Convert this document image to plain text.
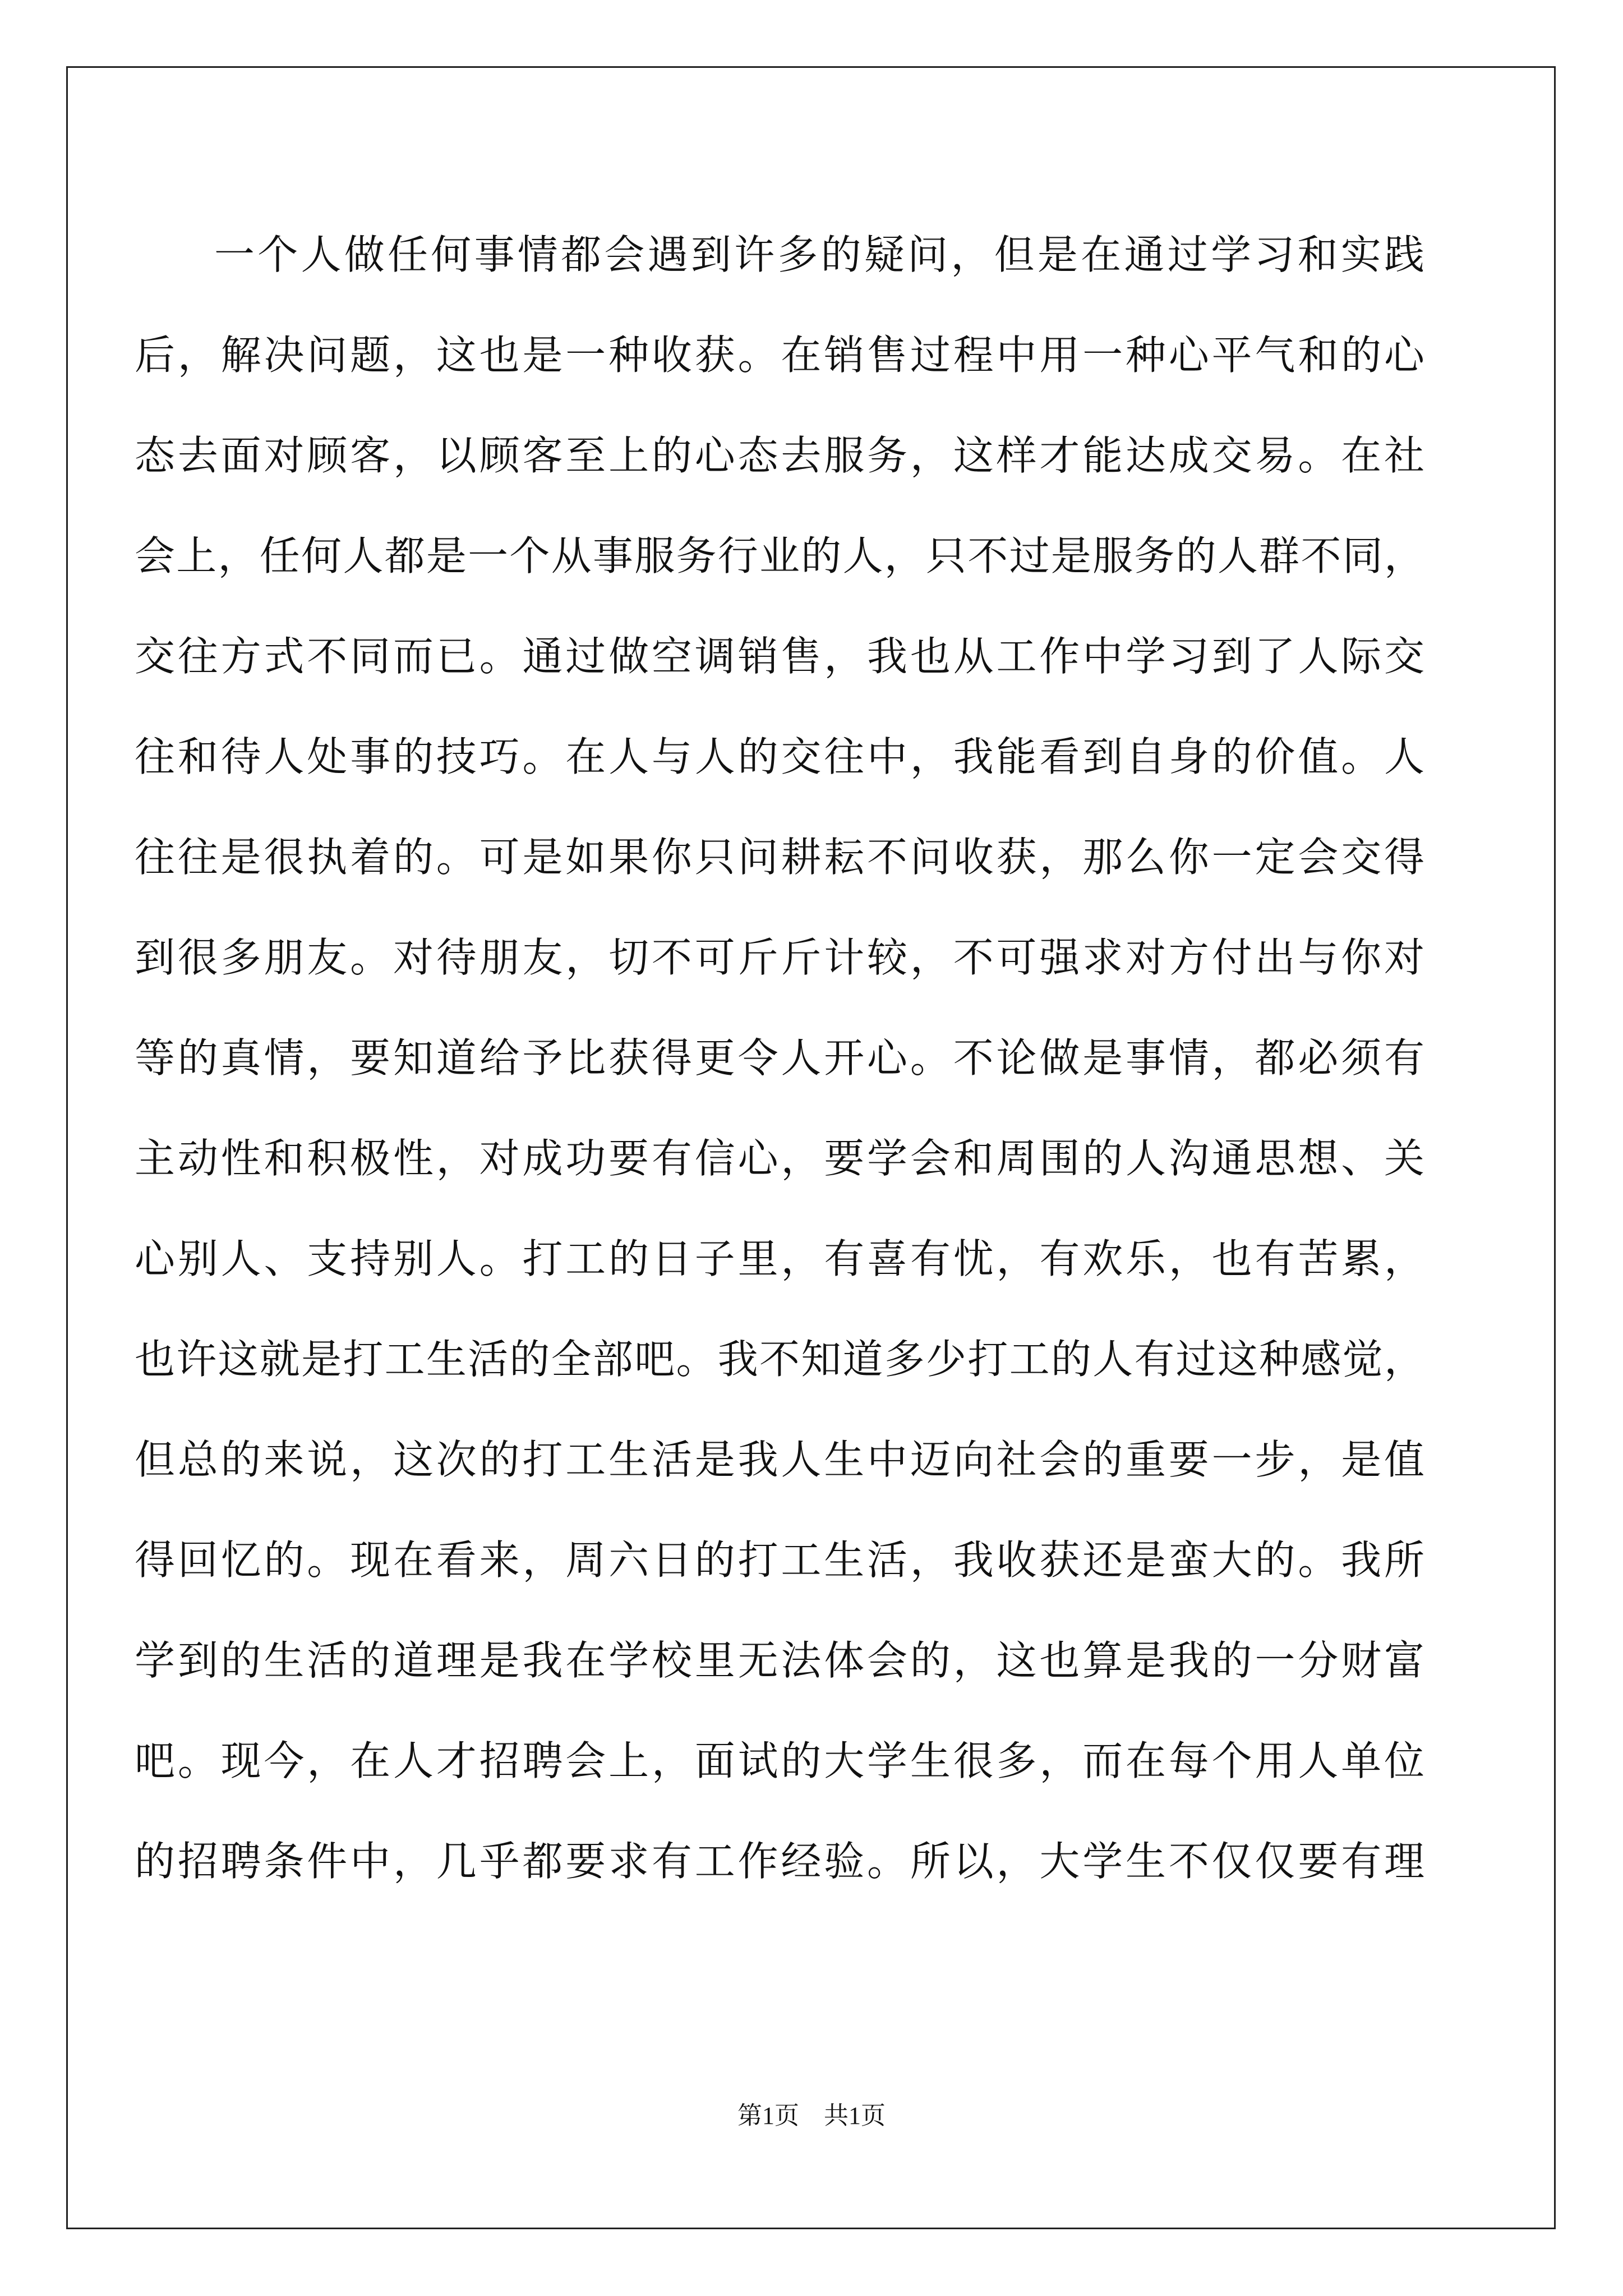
一个人做任何事情都会遇到许多的疑问，但是在通过学习和实践
后，解决问题，这也是一种收获。在销售过程中用一种心平气和的心
态去面对顾客，以顾客至上的心态去服务，这样才能达成交易。在社
会上，任何人都是一个从事服务行业的人，只不过是服务的人群不同，
交往方式不同而已。通过做空调销售，我也从工作中学习到了人际交
往和待人处事的技巧。在人与人的交往中，我能看到自身的价值。人
往往是很执着的。可是如果你只问耕耘不问收获，那么你一定会交得
到很多朋友。对待朋友，切不可斤斤计较，不可强求对方付出与你对
等的真情，要知道给予比获得更令人开心。不论做是事情，都必须有
主动性和积极性，对成功要有信心，要学会和周围的人沟通思想、关
心别人、支持别人。打工的日子里，有喜有忧，有欢乐，也有苦累，
也许这就是打工生活的全部吧。我不知道多少打工的人有过这种感觉，
但总的来说，这次的打工生活是我人生中迈向社会的重要一步，是值
得回忆的。现在看来，周六日的打工生活，我收获还是蛮大的。我所
学到的生活的道理是我在学校里无法体会的，这也算是我的一分财富
吧。现今，在人才招聘会上，面试的大学生很多，而在每个用人单位
的招聘条件中，几乎都要求有工作经验。所以，大学生不仅仅要有理
第1页　共1页
